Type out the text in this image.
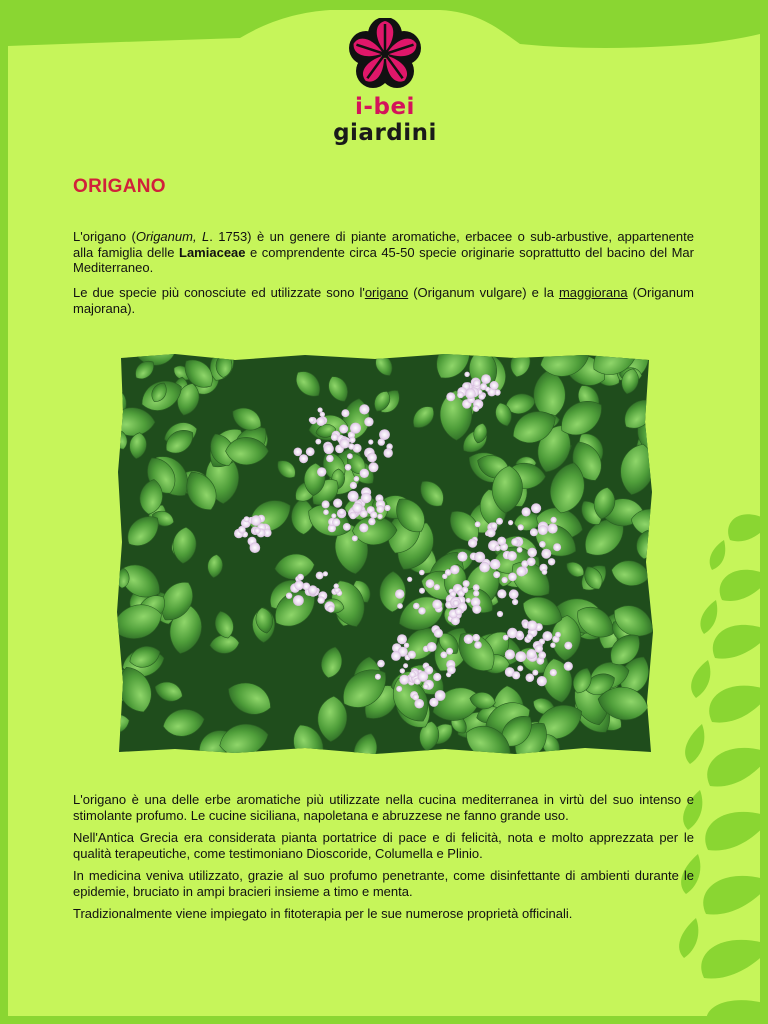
i-bei giardini
ORIGANO

L'origano (Origanum, L. 1753) è un genere di piante aromatiche, erbacee o sub-arbustive, appartenente alla famiglia delle Lamiaceae e comprendente circa 45-50 specie originarie soprattutto del bacino del Mar Mediterraneo.

Le due specie più conosciute ed utilizzate sono l'origano (Origanum vulgare) e la maggiorana (Origanum majorana).

L'origano è una delle erbe aromatiche più utilizzate nella cucina mediterranea in virtù del suo intenso e stimolante profumo. Le cucine siciliana, napoletana e abruzzese ne fanno grande uso.

Nell'Antica Grecia era considerata pianta portatrice di pace e di felicità, nota e molto apprezzata per le qualità terapeutiche, come testimoniano Dioscoride, Columella e Plinio.

In medicina veniva utilizzato, grazie al suo profumo penetrante, come disinfettante di ambienti durante le epidemie, bruciato in ampi bracieri insieme a timo e menta.

Tradizionalmente viene impiegato in fitoterapia per le sue numerose proprietà officinali.
